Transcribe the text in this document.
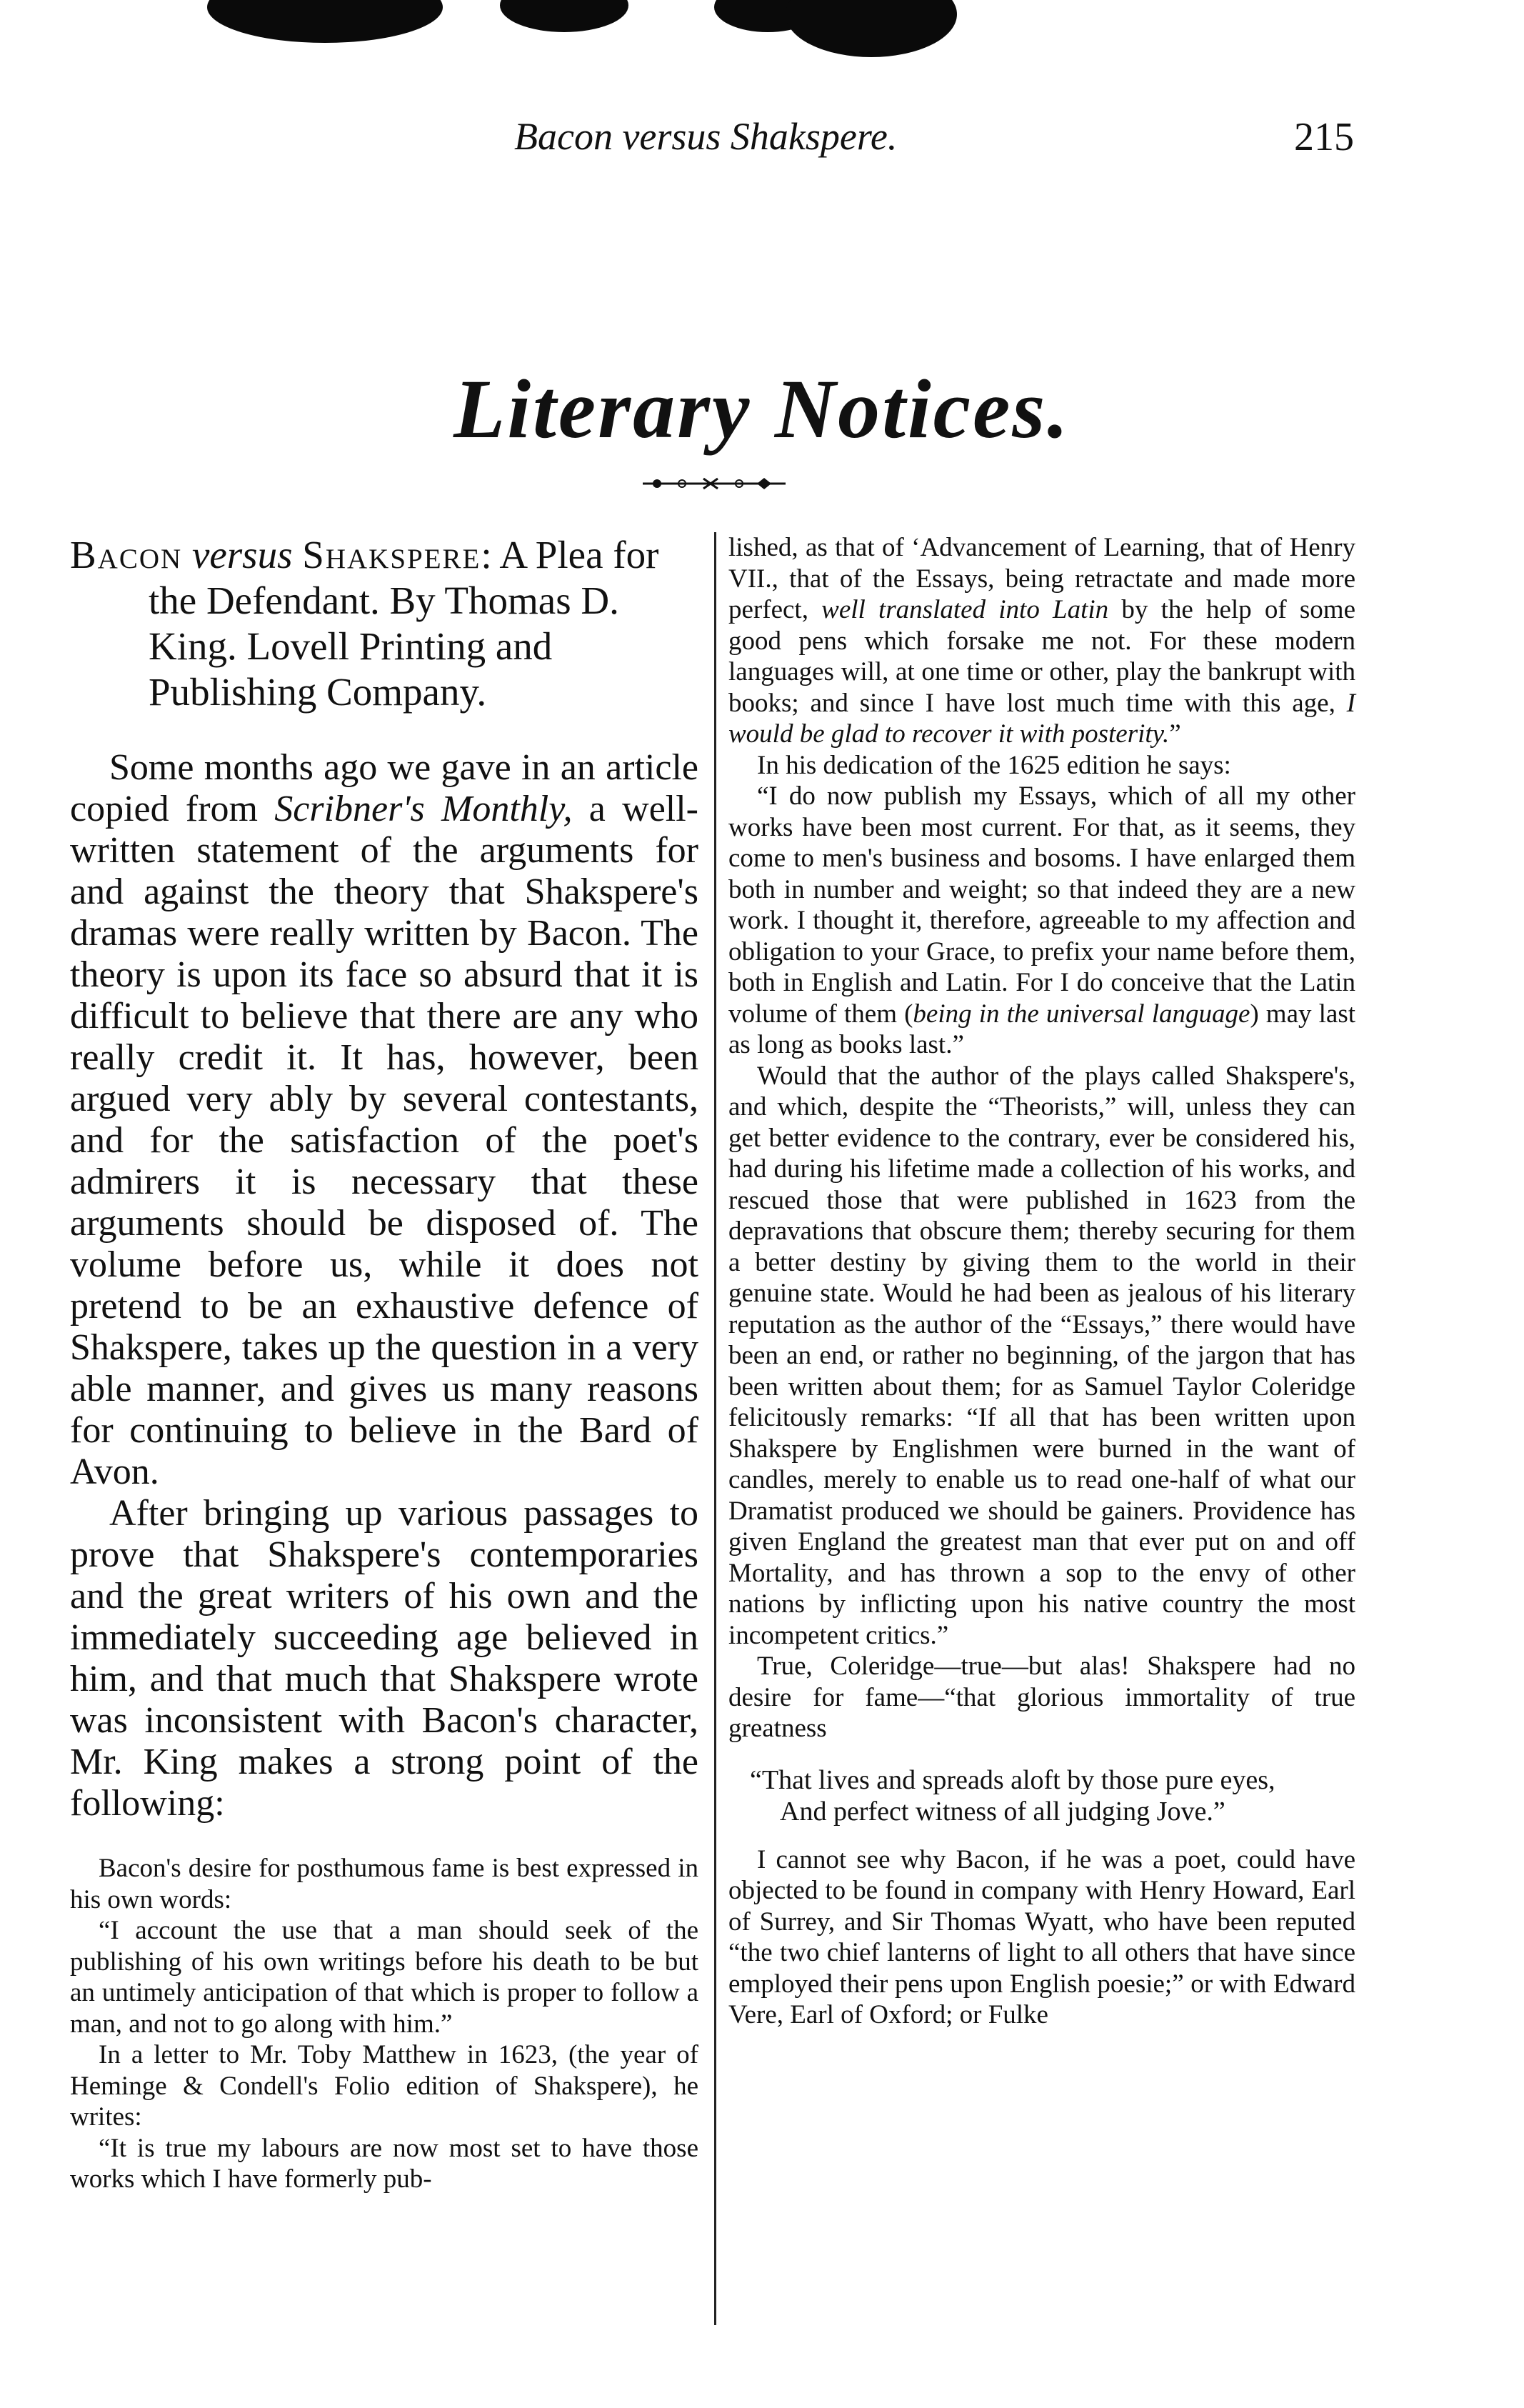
Bacon versus Shakspere.	215
Literary Notices.

Bacon versus Shakspere: A Plea for the Defendant. By Thomas D. King. Lovell Printing and Publishing Company.

Some months ago we gave in an article copied from Scribner's Monthly, a well-written statement of the arguments for and against the theory that Shakspere's dramas were really written by Bacon. The theory is upon its face so absurd that it is difficult to believe that there are any who really credit it. It has, however, been argued very ably by several contestants, and for the satisfaction of the poet's admirers it is necessary that these arguments should be disposed of. The volume before us, while it does not pretend to be an exhaustive defence of Shakspere, takes up the question in a very able manner, and gives us many reasons for continuing to believe in the Bard of Avon.

After bringing up various passages to prove that Shakspere's contemporaries and the great writers of his own and the immediately succeeding age believed in him, and that much that Shakspere wrote was inconsistent with Bacon's character, Mr. King makes a strong point of the following:

Bacon's desire for posthumous fame is best expressed in his own words:

“I account the use that a man should seek of the publishing of his own writings before his death to be but an untimely anticipation of that which is proper to follow a man, and not to go along with him.”

In a letter to Mr. Toby Matthew in 1623, (the year of Heminge & Condell's Folio edition of Shakspere), he writes:

“It is true my labours are now most set to have those works which I have formerly pub-

lished, as that of ‘Advancement of Learning, that of Henry VII., that of the Essays, being retractate and made more perfect, well translated into Latin by the help of some good pens which forsake me not. For these modern languages will, at one time or other, play the bankrupt with books; and since I have lost much time with this age, I would be glad to recover it with posterity.”

In his dedication of the 1625 edition he says:

“I do now publish my Essays, which of all my other works have been most current. For that, as it seems, they come to men's business and bosoms. I have enlarged them both in number and weight; so that indeed they are a new work. I thought it, therefore, agreeable to my affection and obligation to your Grace, to prefix your name before them, both in English and Latin. For I do conceive that the Latin volume of them (being in the universal language) may last as long as books last.”

Would that the author of the plays called Shakspere's, and which, despite the “Theorists,” will, unless they can get better evidence to the contrary, ever be considered his, had during his lifetime made a collection of his works, and rescued those that were published in 1623 from the depravations that obscure them; thereby securing for them a better destiny by giving them to the world in their genuine state. Would he had been as jealous of his literary reputation as the author of the “Essays,” there would have been an end, or rather no beginning, of the jargon that has been written about them; for as Samuel Taylor Coleridge felicitously remarks: “If all that has been written upon Shakspere by Englishmen were burned in the want of candles, merely to enable us to read one-half of what our Dramatist produced we should be gainers. Providence has given England the greatest man that ever put on and off Mortality, and has thrown a sop to the envy of other nations by inflicting upon his native country the most incompetent critics.”

True, Coleridge—true—but alas! Shakspere had no desire for fame—“that glorious immortality of true greatness

“That lives and spreads aloft by those pure eyes,
And perfect witness of all judging Jove.”

I cannot see why Bacon, if he was a poet, could have objected to be found in company with Henry Howard, Earl of Surrey, and Sir Thomas Wyatt, who have been reputed “the two chief lanterns of light to all others that have since employed their pens upon English poesie;” or with Edward Vere, Earl of Oxford; or Fulke
